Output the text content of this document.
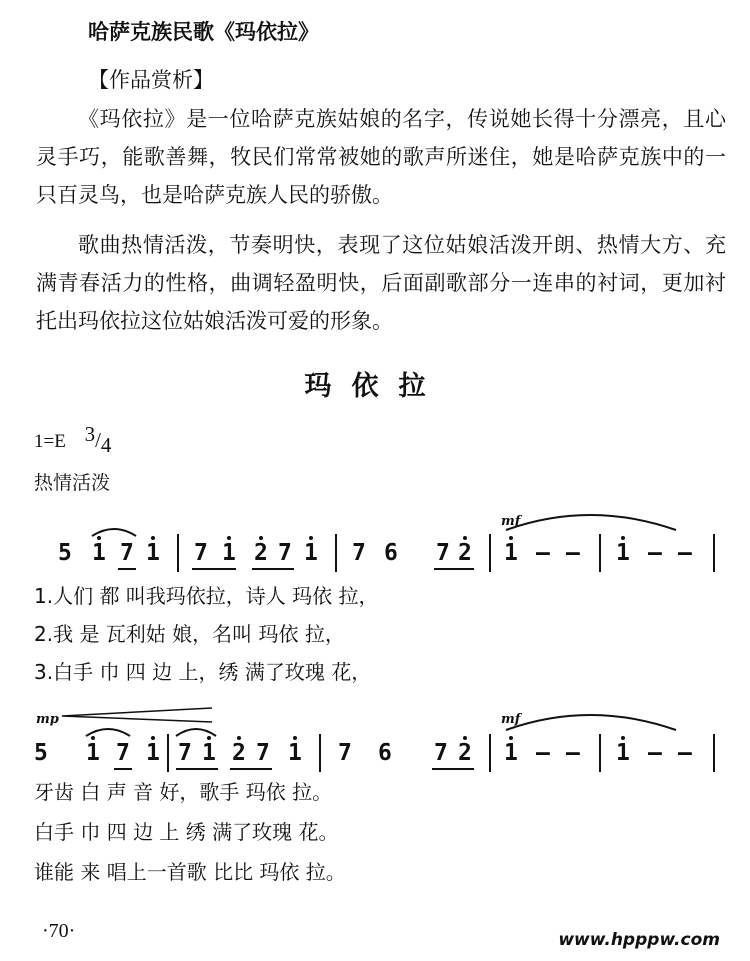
哈萨克族民歌《玛依拉》
【作品赏析】
《玛依拉》是一位哈萨克族姑娘的名字，传说她长得十分漂亮，且心灵手巧，能歌善舞，牧民们常常被她的歌声所迷住，她是哈萨克族中的一只百灵鸟，也是哈萨克族人民的骄傲。
歌曲热情活泼，节奏明快，表现了这位姑娘活泼开朗、热情大方、充满青春活力的性格，曲调轻盈明快，后面副歌部分一连串的衬词，更加衬托出玛依拉这位姑娘活泼可爱的形象。
玛依拉
1=E 3/4
热情活泼
mf
5 1 7 1 7 1 2 7 1 7 6 7 2 1 – – 1 – –
1.人们 都 叫我玛依拉，诗人 玛依 拉，
2.我 是 瓦利姑 娘，名叫 玛依 拉，
3.白手 巾 四 边 上，绣 满了玫瑰 花，
mp	mf
5 1 7 1 7 1 2 7 1 7 6 7 2 1 – – 1 – –
牙齿 白 声 音 好，歌手 玛依 拉。
白手 巾 四 边 上 绣 满了玫瑰 花。
谁能 来 唱上一首歌 比比 玛依 拉。
·70·	www.hpppw.com
